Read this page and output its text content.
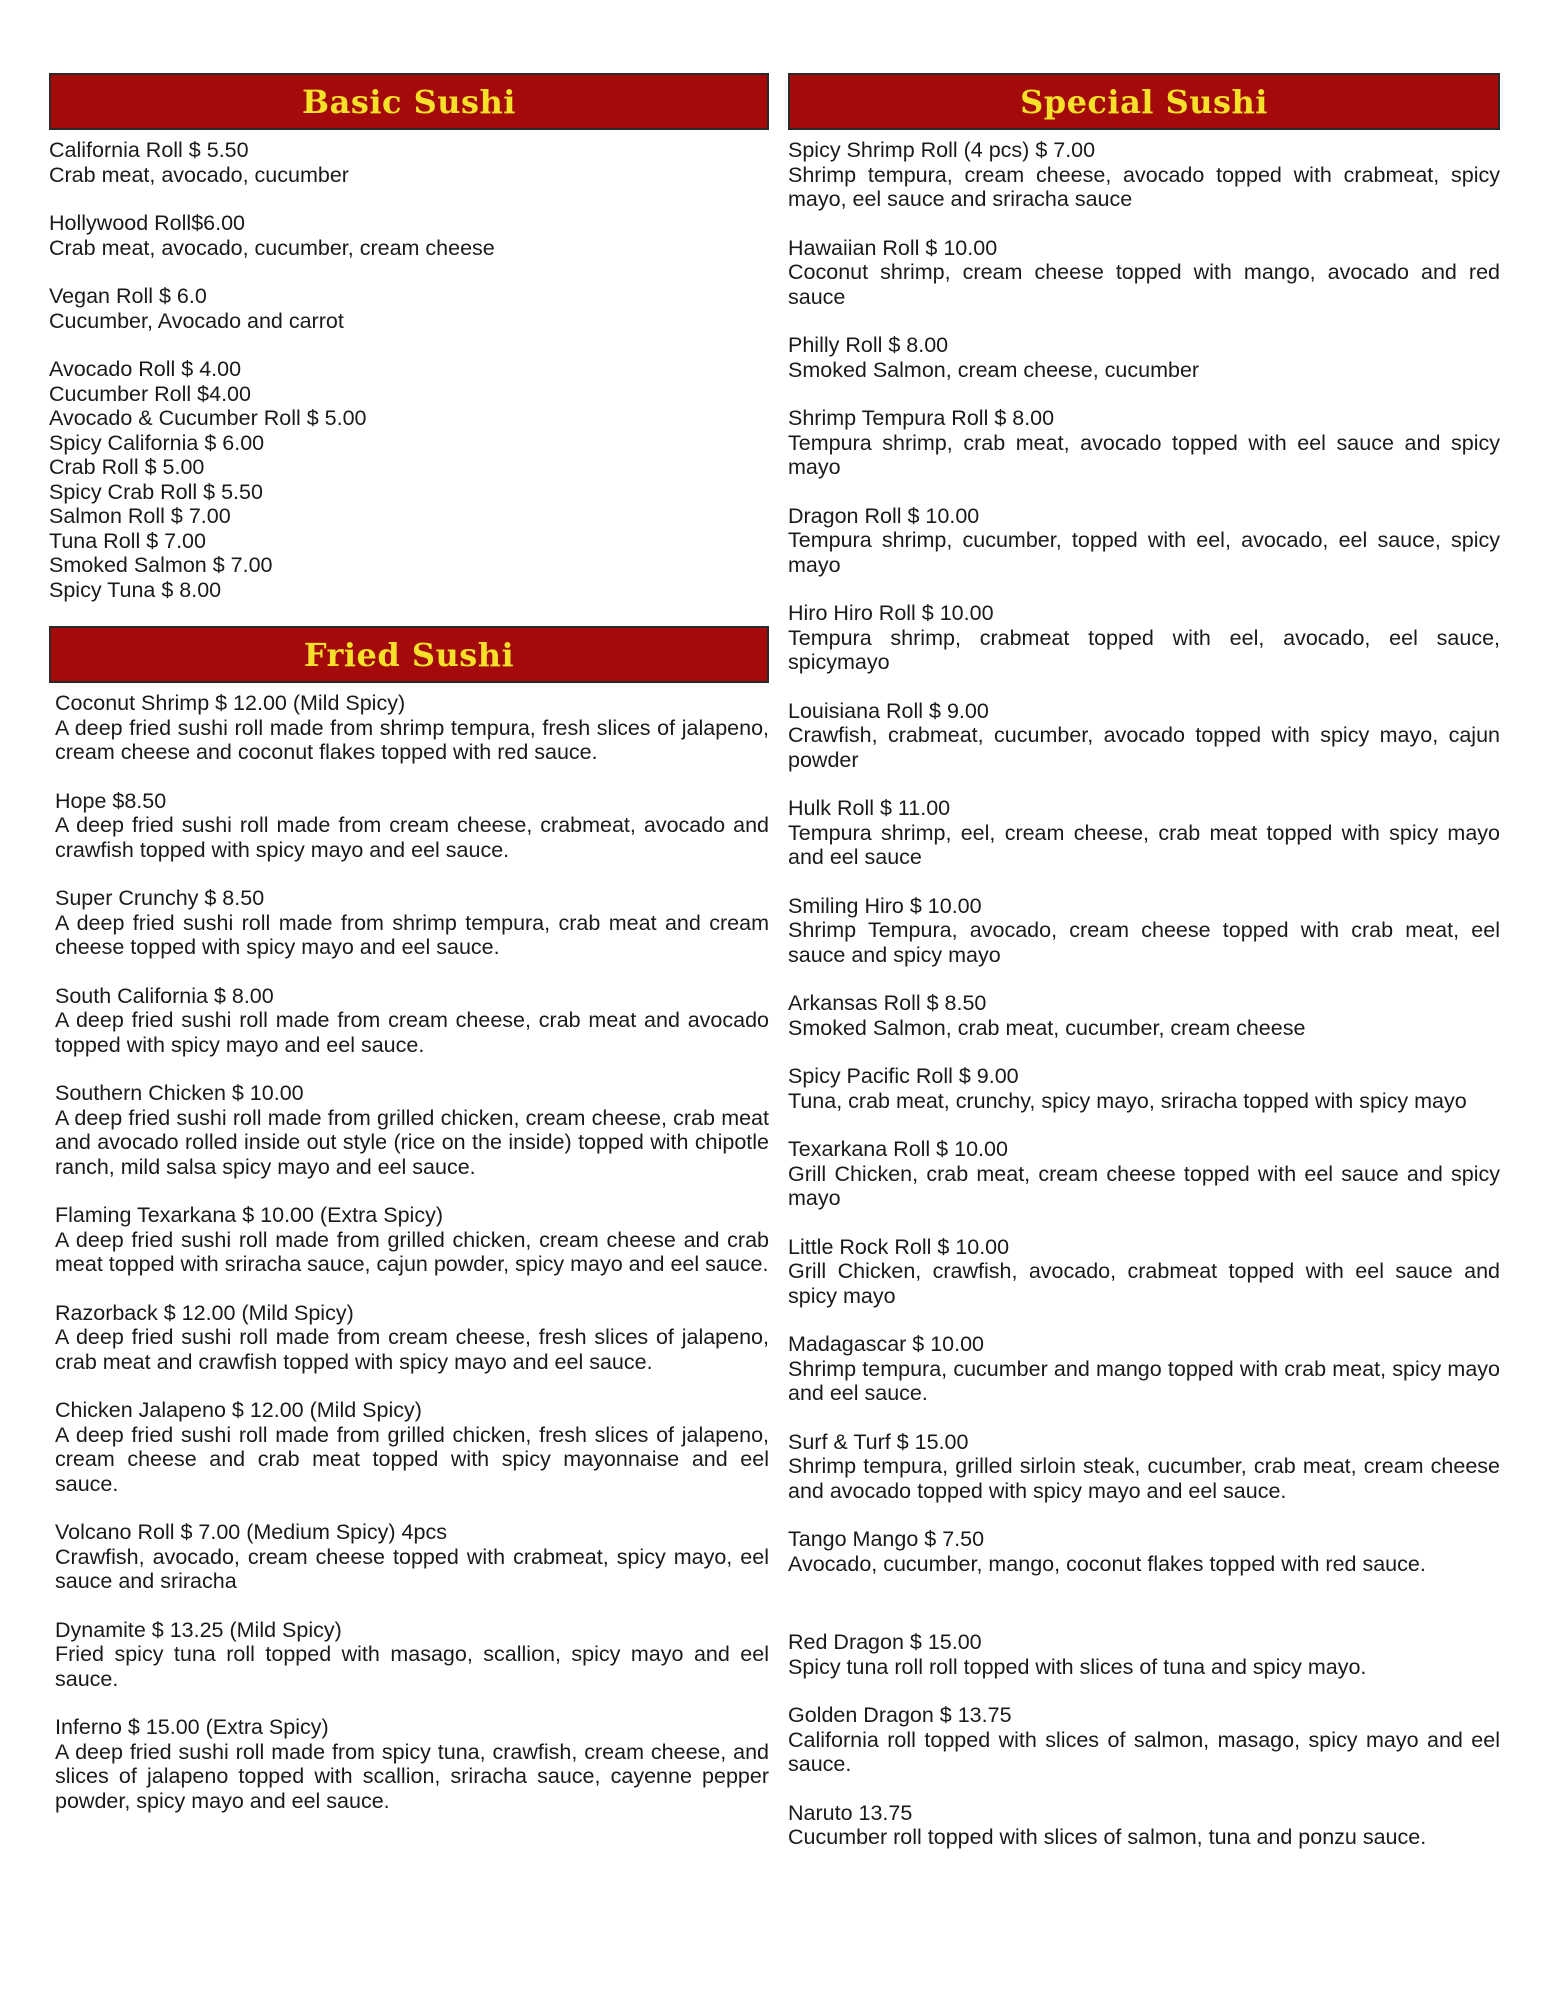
Basic Sushi
California Roll $ 5.50
Crab meat, avocado, cucumber
Hollywood Roll$6.00
Crab meat, avocado, cucumber, cream cheese
Vegan Roll $ 6.0
Cucumber, Avocado and carrot
Avocado Roll $ 4.00
Cucumber Roll $4.00
Avocado & Cucumber Roll $ 5.00
Spicy California $ 6.00
Crab Roll $ 5.00
Spicy Crab Roll $ 5.50
Salmon Roll $ 7.00
Tuna Roll $ 7.00
Smoked Salmon $ 7.00
Spicy Tuna $ 8.00
Fried Sushi
Coconut Shrimp $ 12.00 (Mild Spicy)
A deep fried sushi roll made from shrimp tempura, fresh slices of jalapeno, cream cheese and coconut flakes topped with red sauce.
Hope $8.50
A deep fried sushi roll made from cream cheese, crabmeat, avocado and crawfish topped with spicy mayo and eel sauce.
Super Crunchy $ 8.50
A deep fried sushi roll made from shrimp tempura, crab meat and cream cheese topped with spicy mayo and eel sauce.
South California $ 8.00
A deep fried sushi roll made from cream cheese, crab meat and avocado topped with spicy mayo and eel sauce.
Southern Chicken $ 10.00
A deep fried sushi roll made from grilled chicken, cream cheese, crab meat and avocado rolled inside out style (rice on the inside) topped with chipotle ranch, mild salsa spicy mayo and eel sauce.
Flaming Texarkana $ 10.00 (Extra Spicy)
A deep fried sushi roll made from grilled chicken, cream cheese and crab meat topped with sriracha sauce, cajun powder, spicy mayo and eel sauce.
Razorback $ 12.00 (Mild Spicy)
A deep fried sushi roll made from cream cheese, fresh slices of jalapeno, crab meat and crawfish topped with spicy mayo and eel sauce.
Chicken Jalapeno $ 12.00 (Mild Spicy)
A deep fried sushi roll made from grilled chicken, fresh slices of jalapeno, cream cheese and crab meat topped with spicy mayonnaise and eel sauce.
Volcano Roll $ 7.00 (Medium Spicy) 4pcs
Crawfish, avocado, cream cheese topped with crabmeat, spicy mayo, eel sauce and sriracha
Dynamite $ 13.25 (Mild Spicy)
Fried spicy tuna roll topped with masago, scallion, spicy mayo and eel sauce.
Inferno $ 15.00 (Extra Spicy)
A deep fried sushi roll made from spicy tuna, crawfish, cream cheese, and slices of jalapeno topped with scallion, sriracha sauce, cayenne pepper powder, spicy mayo and eel sauce.
Special Sushi
Spicy Shrimp Roll (4 pcs) $ 7.00
Shrimp tempura, cream cheese, avocado topped with crabmeat, spicy mayo, eel sauce and sriracha sauce
Hawaiian Roll $ 10.00
Coconut shrimp, cream cheese topped with mango, avocado and red sauce
Philly Roll $ 8.00
Smoked Salmon, cream cheese, cucumber
Shrimp Tempura Roll $ 8.00
Tempura shrimp, crab meat, avocado topped with eel sauce and spicy mayo
Dragon Roll $ 10.00
Tempura shrimp, cucumber, topped with eel, avocado, eel sauce, spicy mayo
Hiro Hiro Roll $ 10.00
Tempura shrimp, crabmeat topped with eel, avocado, eel sauce, spicymayo
Louisiana Roll $ 9.00
Crawfish, crabmeat, cucumber, avocado topped with spicy mayo, cajun powder
Hulk Roll $ 11.00
Tempura shrimp, eel, cream cheese, crab meat topped with spicy mayo and eel sauce
Smiling Hiro $ 10.00
Shrimp Tempura, avocado, cream cheese topped with crab meat, eel sauce and spicy mayo
Arkansas Roll $ 8.50
Smoked Salmon, crab meat, cucumber, cream cheese
Spicy Pacific Roll $ 9.00
Tuna, crab meat, crunchy, spicy mayo, sriracha topped with spicy mayo
Texarkana Roll $ 10.00
Grill Chicken, crab meat, cream cheese topped with eel sauce and spicy mayo
Little Rock Roll $ 10.00
Grill Chicken, crawfish, avocado, crabmeat topped with eel sauce and spicy mayo
Madagascar $ 10.00
Shrimp tempura, cucumber and mango topped with crab meat, spicy mayo and eel sauce.
Surf & Turf $ 15.00
Shrimp tempura, grilled sirloin steak, cucumber, crab meat, cream cheese and avocado topped with spicy mayo and eel sauce.
Tango Mango $ 7.50
Avocado, cucumber, mango, coconut flakes topped with red sauce.
Red Dragon $ 15.00
Spicy tuna roll roll topped with slices of tuna and spicy mayo.
Golden Dragon $ 13.75
California roll topped with slices of salmon, masago, spicy mayo and eel sauce.
Naruto 13.75
Cucumber roll topped with slices of salmon, tuna and ponzu sauce.
